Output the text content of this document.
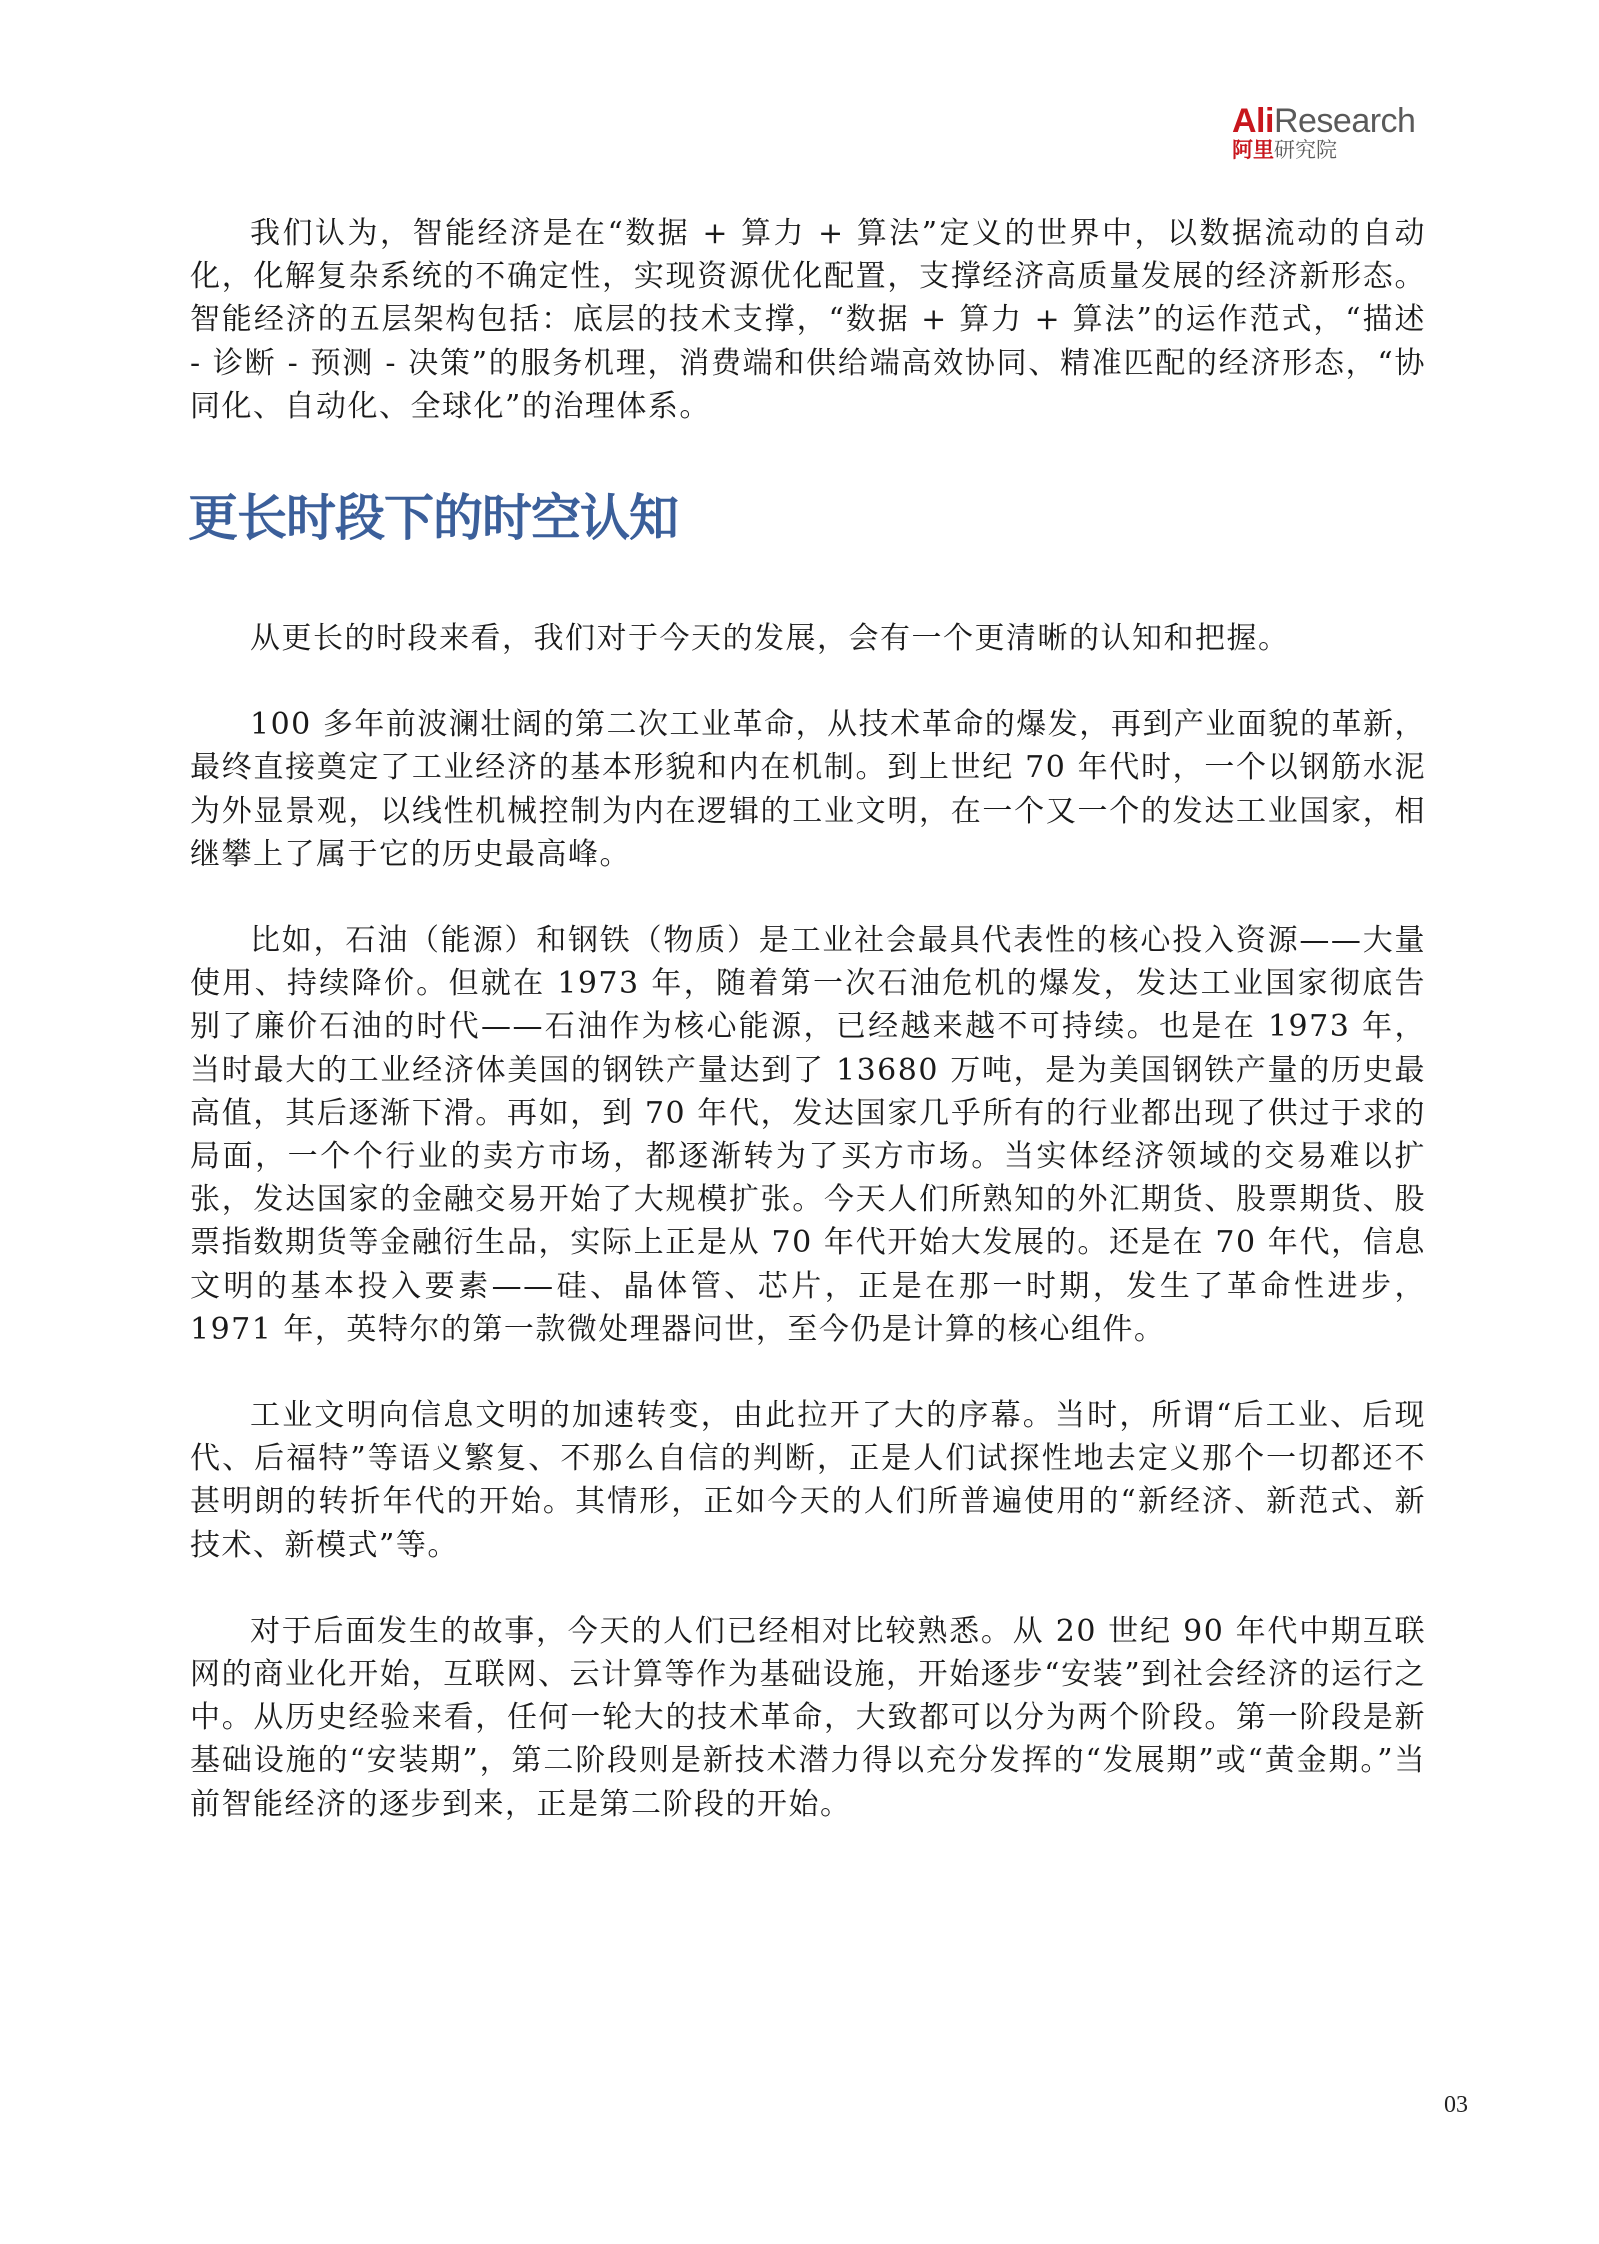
AliResearch
阿里研究院

我们认为，智能经济是在“数据 + 算力 + 算法”定义的世界中，以数据流动的自动化，化解复杂系统的不确定性，实现资源优化配置，支撑经济高质量发展的经济新形态。智能经济的五层架构包括：底层的技术支撑，“数据 + 算力 + 算法”的运作范式，“描述 - 诊断 - 预测 - 决策”的服务机理，消费端和供给端高效协同、精准匹配的经济形态，“协同化、自动化、全球化”的治理体系。

更长时段下的时空认知

从更长的时段来看，我们对于今天的发展，会有一个更清晰的认知和把握。

100 多年前波澜壮阔的第二次工业革命，从技术革命的爆发，再到产业面貌的革新，最终直接奠定了工业经济的基本形貌和内在机制。到上世纪 70 年代时，一个以钢筋水泥为外显景观，以线性机械控制为内在逻辑的工业文明，在一个又一个的发达工业国家，相继攀上了属于它的历史最高峰。

比如，石油（能源）和钢铁（物质）是工业社会最具代表性的核心投入资源——大量使用、持续降价。但就在 1973 年，随着第一次石油危机的爆发，发达工业国家彻底告别了廉价石油的时代——石油作为核心能源，已经越来越不可持续。也是在 1973 年，当时最大的工业经济体美国的钢铁产量达到了 13680 万吨，是为美国钢铁产量的历史最高值，其后逐渐下滑。再如，到 70 年代，发达国家几乎所有的行业都出现了供过于求的局面，一个个行业的卖方市场，都逐渐转为了买方市场。当实体经济领域的交易难以扩张，发达国家的金融交易开始了大规模扩张。今天人们所熟知的外汇期货、股票期货、股票指数期货等金融衍生品，实际上正是从 70 年代开始大发展的。还是在 70 年代，信息文明的基本投入要素——硅、晶体管、芯片，正是在那一时期，发生了革命性进步，1971 年，英特尔的第一款微处理器问世，至今仍是计算的核心组件。

工业文明向信息文明的加速转变，由此拉开了大的序幕。当时，所谓“后工业、后现代、后福特”等语义繁复、不那么自信的判断，正是人们试探性地去定义那个一切都还不甚明朗的转折年代的开始。其情形，正如今天的人们所普遍使用的“新经济、新范式、新技术、新模式”等。

对于后面发生的故事，今天的人们已经相对比较熟悉。从 20 世纪 90 年代中期互联网的商业化开始，互联网、云计算等作为基础设施，开始逐步“安装”到社会经济的运行之中。从历史经验来看，任何一轮大的技术革命，大致都可以分为两个阶段。第一阶段是新基础设施的“安装期”，第二阶段则是新技术潜力得以充分发挥的“发展期”或“黄金期。”当前智能经济的逐步到来，正是第二阶段的开始。

03
